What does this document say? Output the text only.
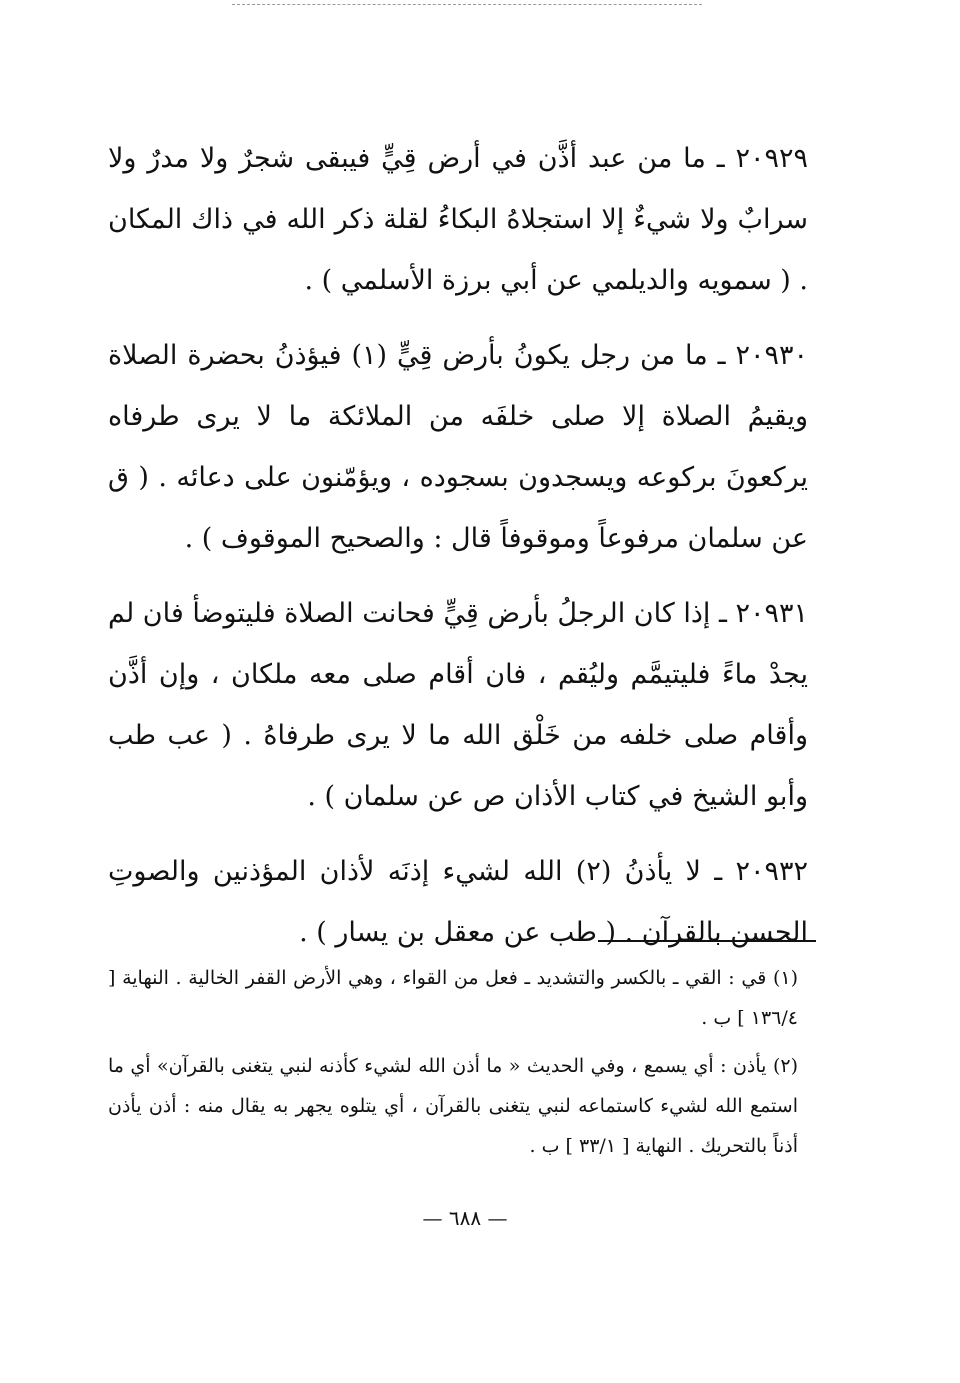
٢٠٩٢٩ ـ ما من عبد أذَّن في أرض قِيٍّ فيبقى شجرٌ ولا مدرٌ ولا سرابٌ ولا شيءٌ إلا استجلاهُ البكاءُ لقلة ذكر الله في ذاك المكان . ( سمويه والديلمي عن أبي برزة الأسلمي ) .

٢٠٩٣٠ ـ ما من رجل يكونُ بأرض قِيٍّ (١) فيؤذنُ بحضرة الصلاة ويقيمُ الصلاة إلا صلى خلفَه من الملائكة ما لا يرى طرفاه يركعونَ بركوعه ويسجدون بسجوده ، ويؤمّنون على دعائه . ( ق عن سلمان مرفوعاً وموقوفاً قال : والصحيح الموقوف ) .

٢٠٩٣١ ـ إذا كان الرجلُ بأرض قِيٍّ فحانت الصلاة فليتوضأ فان لم يجدْ ماءً فليتيمَّم وليُقم ، فان أقام صلى معه ملكان ، وإن أذَّن وأقام صلى خلفه من خَلْق الله ما لا يرى طرفاهُ . ( عب طب وأبو الشيخ في كتاب الأذان ص عن سلمان ) .

٢٠٩٣٢ ـ لا يأذنُ (٢) الله لشيء إذنَه لأذان المؤذنين والصوتِ الحسن بالقرآن . ( طب عن معقل بن يسار ) .

(١) قي : القي ـ بالكسر والتشديد ـ فعل من القواء ، وهي الأرض القفر الخالية . النهاية [ ١٣٦/٤ ] ب .

(٢) يأذن : أي يسمع ، وفي الحديث « ما أذن الله لشيء كأذنه لنبي يتغنى بالقرآن» أي ما استمع الله لشيء كاستماعه لنبي يتغنى بالقرآن ، أي يتلوه يجهر به يقال منه : أذن يأذن أذناً بالتحريك . النهاية [ ٣٣/١ ] ب .

— ٦٨٨ —
